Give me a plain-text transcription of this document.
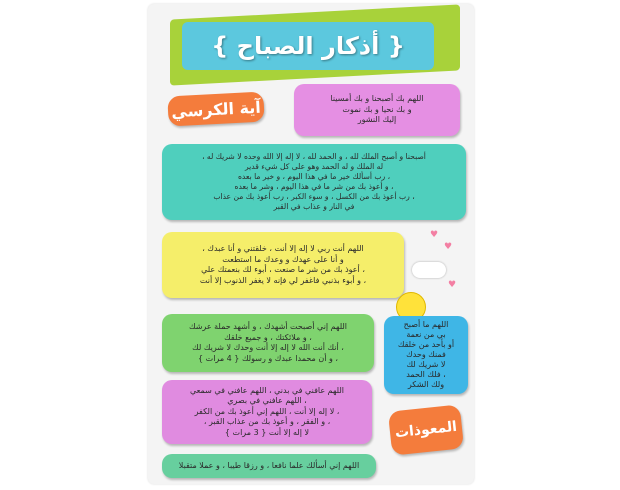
{ أذكار الصباح }
آية الكرسي	اللهم بك أصبحنا و بك أمسينا
و بك نحيا و بك نموت
إليك النشور
أصبحنا و أصبح الملك لله ، و الحمد لله ، لا إله إلا الله وحده لا شريك له ،
له الملك و له الحمد وهو على كل شيء قدير
، رب أسألك خير ما في هذا اليوم ، و خير ما بعده
، و أعوذ بك من شر ما في هذا اليوم ، وشر ما بعده
، رب أعوذ بك من الكسل ، و سوء الكبر ، رب أعوذ بك من عذاب
في النار و عذاب في القبر
اللهم أنت ربي لا إله إلا أنت ، خلقتني و أنا عبدك ،
و أنا على عهدك و وعدك ما استطعت
، أعوذ بك من شر ما صنعت ، أبوء لك بنعمتك علي
، و أبوء بذنبي فاغفر لي فإنه لا يغفر الذنوب إلا أنت
♥
♥
♥
اللهم إني أصبحت أشهدك ، و أشهد حملة عرشك
، و ملائكتك ، و جميع خلقك
، أنك أنت الله لا إله إلا أنت وحدك لا شريك لك
، و أن محمدا عبدك و رسولك { 4 مرات }
اللهم ما أصبح
بي من نعمة
أو بأحد من خلقك
فمنك وحدك
لا شريك لك
، فلك الحمد
ولك الشكر
اللهم عافني في بدني ، اللهم عافني في سمعي
، اللهم عافني في بصري
، لا إله إلا أنت ، اللهم إني أعوذ بك من الكفر
، و الفقر ، و أعوذ بك من عذاب القبر ،
لا إله إلا أنت { 3 مرات }	المعوذات
اللهم إني أسألك علما نافعا ، و رزقا طيبا ، و عملا متقبلا
